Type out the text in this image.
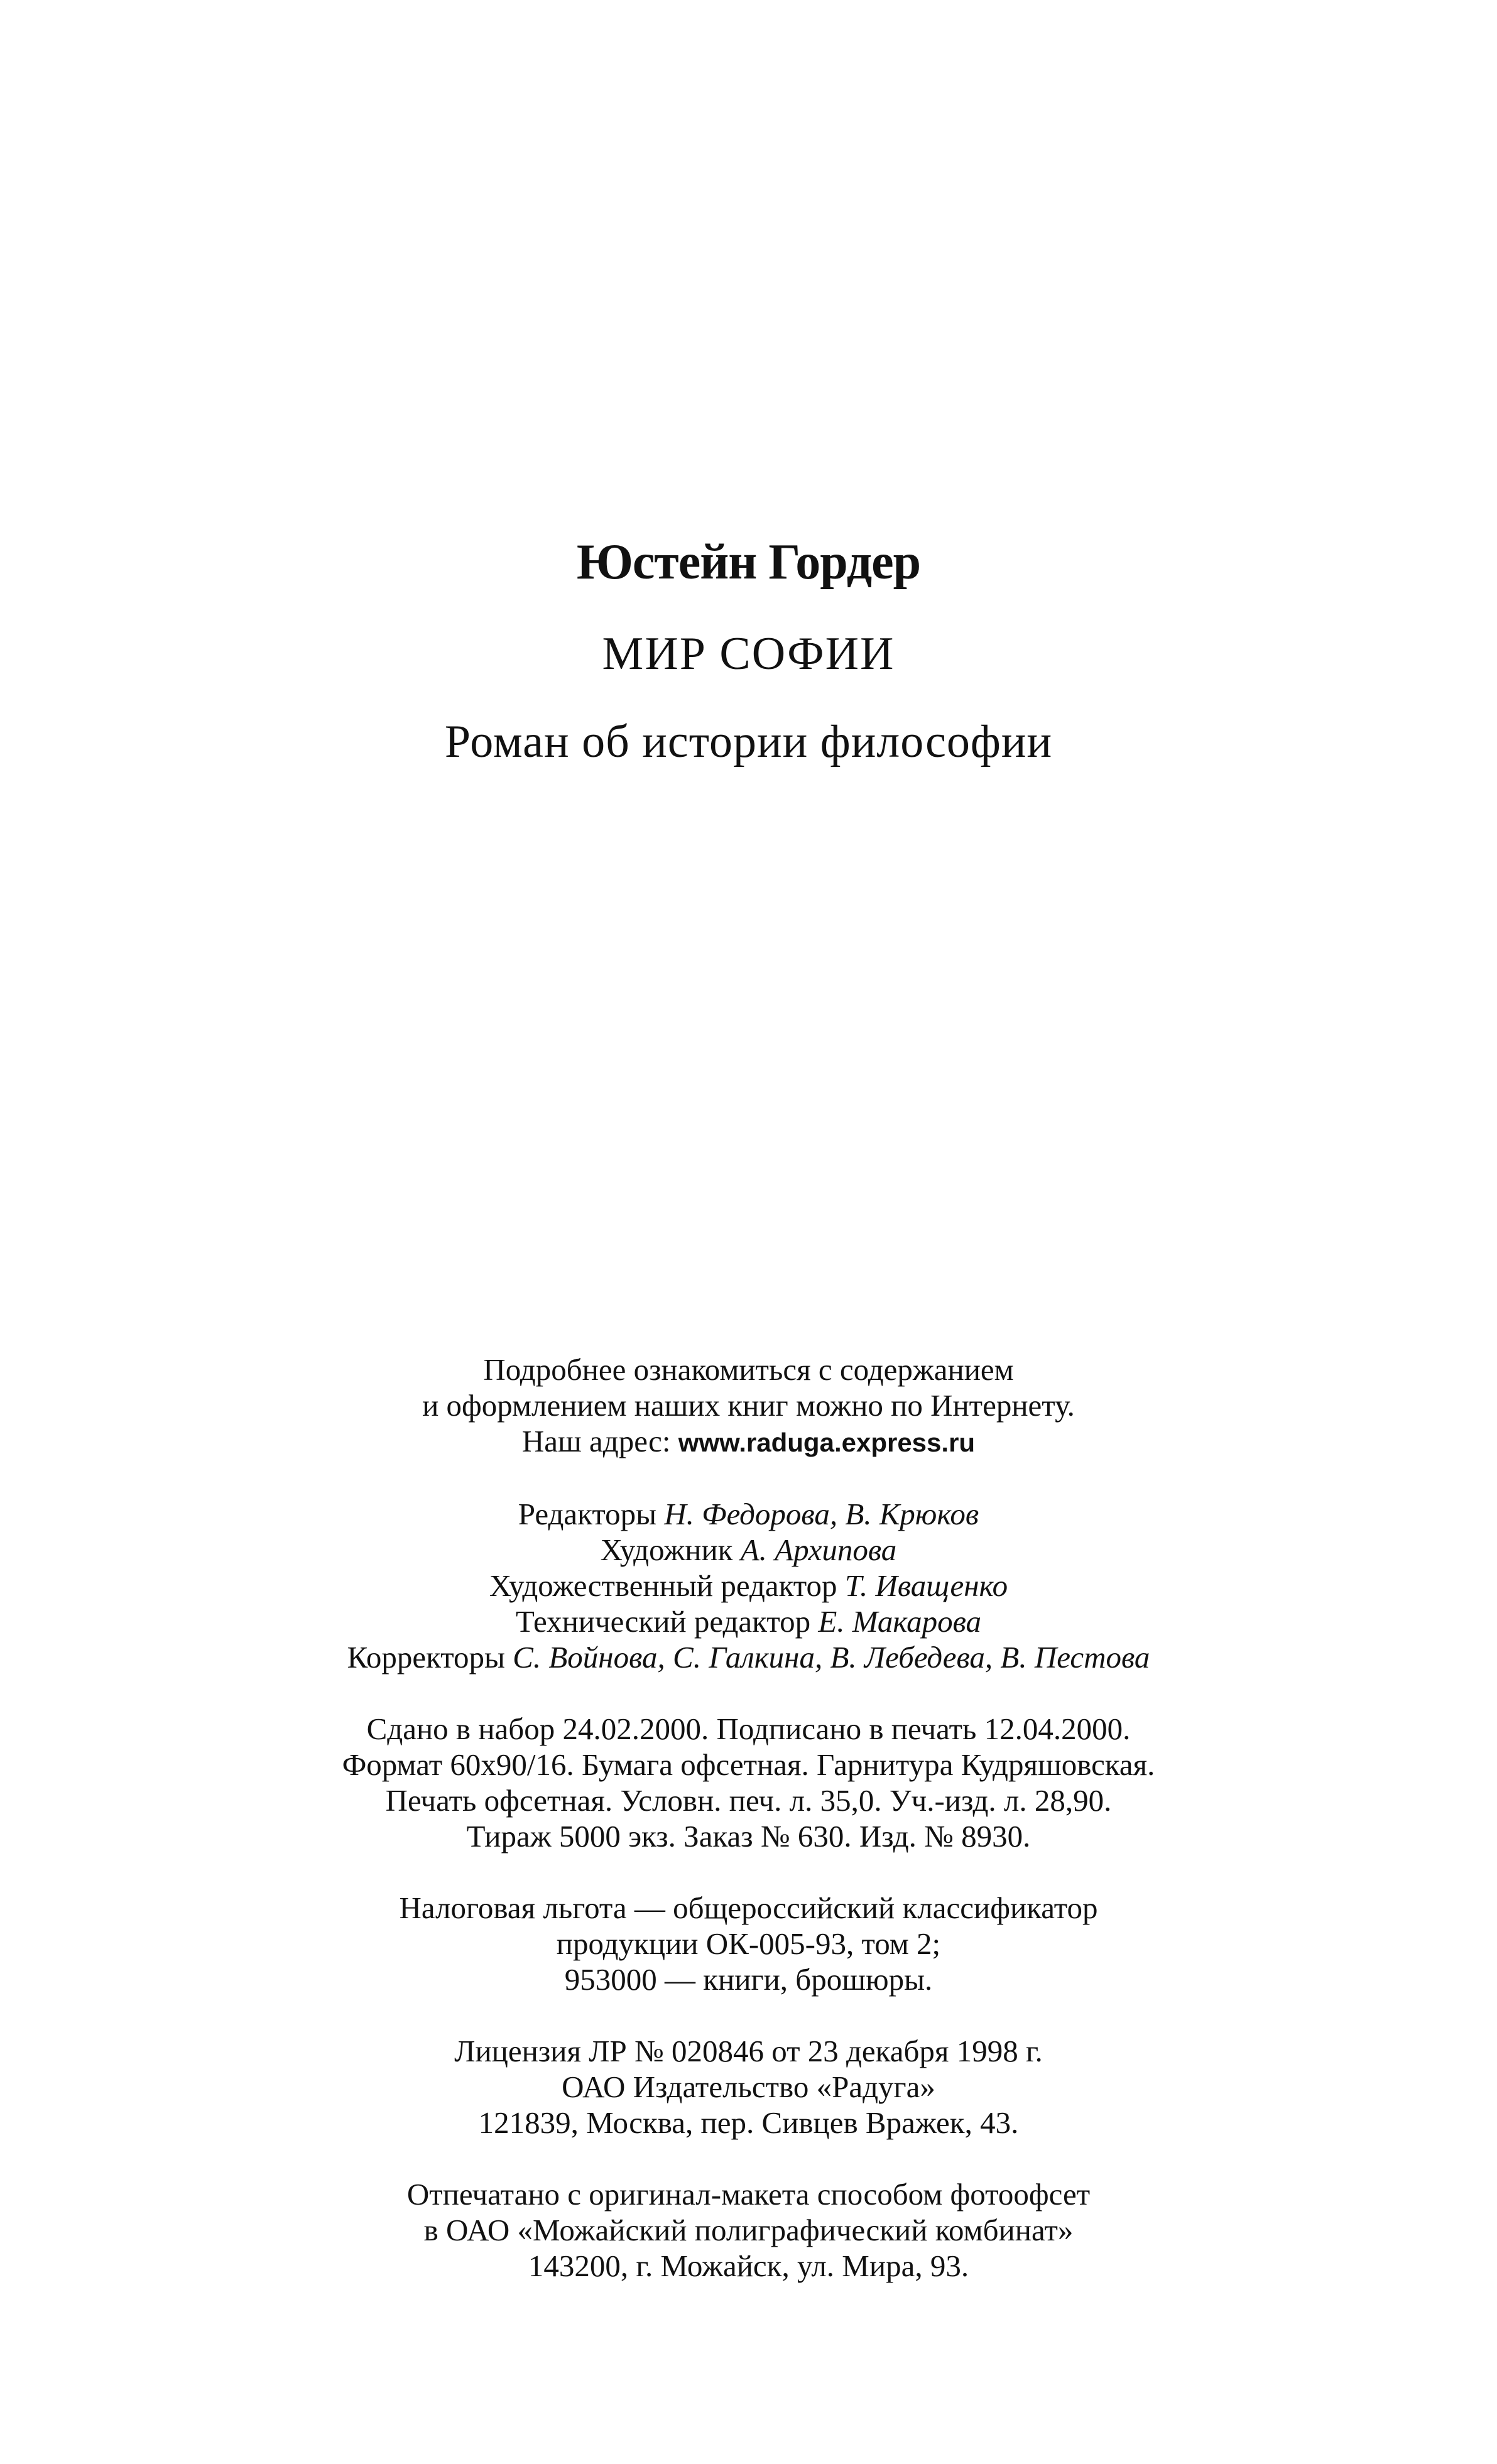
Юстейн Гордер

МИР СОФИИ

Роман об истории философии

Подробнее ознакомиться с содержанием
и оформлением наших книг можно по Интернету.
Наш адрес: www.raduga.express.ru
Редакторы Н. Федорова, В. Крюков
Художник А. Архипова
Художественный редактор Т. Иващенко
Технический редактор Е. Макарова
Корректоры С. Войнова, С. Галкина, В. Лебедева, В. Пестова
Сдано в набор 24.02.2000. Подписано в печать 12.04.2000.
Формат 60х90/16. Бумага офсетная. Гарнитура Кудряшовская.
Печать офсетная. Условн. печ. л. 35,0. Уч.-изд. л. 28,90.
Тираж 5000 экз. Заказ № 630. Изд. № 8930.
Налоговая льгота — общероссийский классификатор
продукции ОК-005-93, том 2;
953000 — книги, брошюры.
Лицензия ЛР № 020846 от 23 декабря 1998 г.
ОАО Издательство «Радуга»
121839, Москва, пер. Сивцев Вражек, 43.
Отпечатано с оригинал-макета способом фотоофсет
в ОАО «Можайский полиграфический комбинат»
143200, г. Можайск, ул. Мира, 93.
